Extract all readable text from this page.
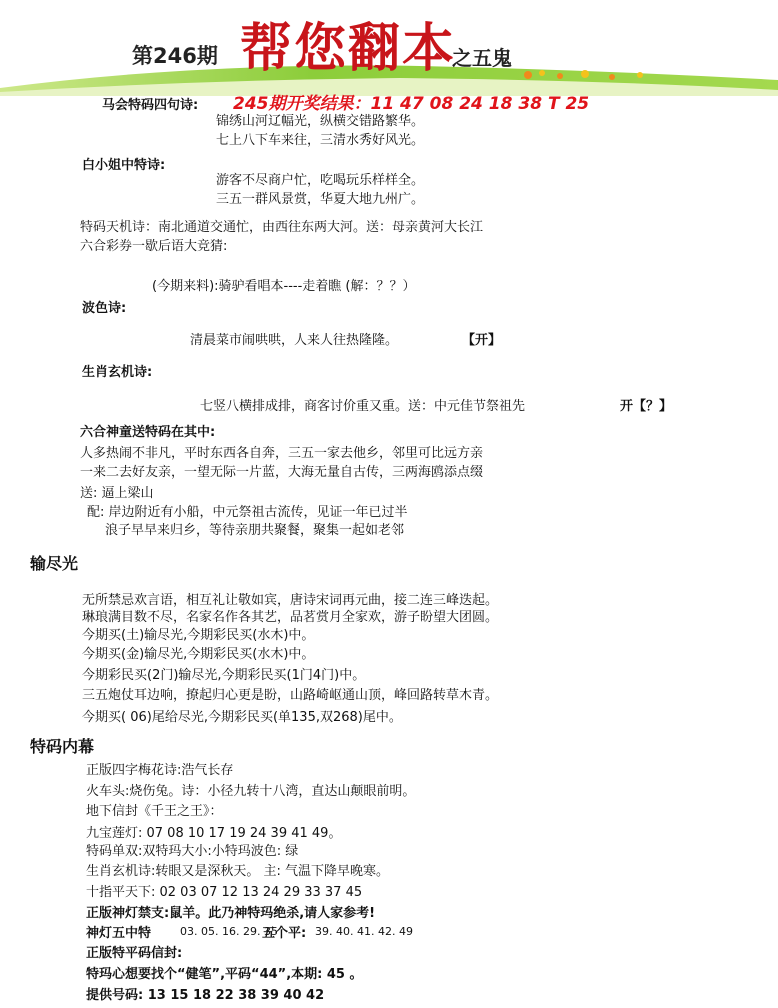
第246期 帮您翻本
之五鬼
马会特码四句诗: 245期开奖结果：11 47 08 24 18 38 T 25
锦绣山河辽幅光，纵横交错路繁华。
七上八下车来往，三清水秀好风光。
白小姐中特诗:
游客不尽商户忙，吃喝玩乐样样全。
三五一群风景赏，华夏大地九州广。
特码天机诗：南北通道交通忙，由西往东两大河。送：母亲黄河大长江
六合彩券一歇后语大竞猜:
(今期来料):骑驴看唱本----走着瞧 (解：？？）
波色诗:
清晨菜市闹哄哄，人来人往热隆隆。	【开】
生肖玄机诗:
七竖八横排成排，商客讨价重又重。送：中元佳节祭祖先	开【？】
六合神童送特码在其中:
人多热闹不非凡，平时东西各自奔，三五一家去他乡，邻里可比远方亲
一来二去好友亲，一望无际一片蓝，大海无量自古传，三两海鸥添点缀
送: 逼上梁山
配: 岸边附近有小船，中元祭祖古流传，见证一年已过半
浪子早早来归乡，等待亲朋共聚餐，聚集一起如老邻
输尽光
无所禁忌欢言语，相互礼让敬如宾，唐诗宋词再元曲，接二连三峰迭起。
琳琅满目数不尽，名家名作各其艺，品茗赏月全家欢，游子盼望大团圆。
今期买(土)输尽光,今期彩民买(水木)中。
今期买(金)输尽光,今期彩民买(水木)中。
今期彩民买(2门)输尽光,今期彩民买(1门4门)中。
三五炮仗耳边响，撩起归心更是盼，山路崎岖通山顶，峰回路转草木青。
今期买( 06)尾给尽光,今期彩民买(单135,双268)尾中。
特码内幕
正版四字梅花诗:浩气长存
火车头:烧伤兔。诗：小径九转十八湾，直达山颠眼前明。
地下信封《千王之王》：
九宝莲灯: 07 08 10 17 19 24 39 41 49。
特码单双:双特玛大小:小特玛波色: 绿
生肖玄机诗:转眼又是深秋天。 主: 气温下降早晚寒。
十指平天下: 02 03 07 12 13 24 29 33 37 45
正版神灯禁支:鼠羊。此乃神特玛绝杀,请人家参考!
神灯五中特	03. 05. 16. 29. 35
五个平: 39. 40. 41. 42. 49
正版特平码信封:
特玛心想要找个“健笔”,平码“44”,本期: 45 。
提供号码: 13 15 18 22 38 39 40 42
